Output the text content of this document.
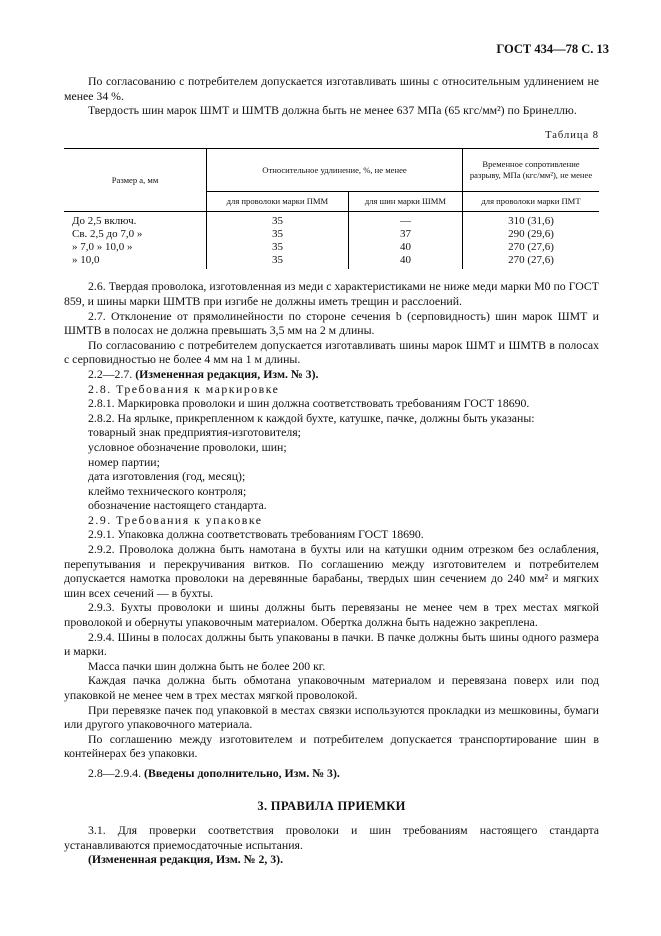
ГОСТ 434—78 С. 13

По согласованию с потребителем допускается изготавливать шины с относительным удлинением не менее 34 %.

Твердость шин марок ШМТ и ШМТВ должна быть не менее 637 МПа (65 кгс/мм²) по Бринеллю.

Таблица 8
Размер a, мм	Относительное удлинение, %, не менее		Временное сопротивление разрыву, МПа (кгс/мм²), не менее
	для проволоки марки ПММ	для шин марки ШММ	для проволоки марки ПМТ
До 2,5 включ.	35	—	310 (31,6)
Св. 2,5 до 7,0 »	35	37	290 (29,6)
» 7,0 » 10,0 »	35	40	270 (27,6)
» 10,0	35	40	270 (27,6)

2.6. Твердая проволока, изготовленная из меди с характеристиками не ниже меди марки М0 по ГОСТ 859, и шины марки ШМТВ при изгибе не должны иметь трещин и расслоений.

2.7. Отклонение от прямолинейности по стороне сечения b (серповидность) шин марок ШМТ и ШМТВ в полосах не должна превышать 3,5 мм на 2 м длины.

По согласованию с потребителем допускается изготавливать шины марок ШМТ и ШМТВ в полосах с серповидностью не более 4 мм на 1 м длины.

2.2—2.7. (Измененная редакция, Изм. № 3).

2.8. Требования к маркировке

2.8.1. Маркировка проволоки и шин должна соответствовать требованиям ГОСТ 18690.

2.8.2. На ярлыке, прикрепленном к каждой бухте, катушке, пачке, должны быть указаны:

товарный знак предприятия-изготовителя;

условное обозначение проволоки, шин;

номер партии;

дата изготовления (год, месяц);

клеймо технического контроля;

обозначение настоящего стандарта.

2.9. Требования к упаковке

2.9.1. Упаковка должна соответствовать требованиям ГОСТ 18690.

2.9.2. Проволока должна быть намотана в бухты или на катушки одним отрезком без ослабления, перепутывания и перекручивания витков. По соглашению между изготовителем и потребителем допускается намотка проволоки на деревянные барабаны, твердых шин сечением до 240 мм² и мягких шин всех сечений — в бухты.

2.9.3. Бухты проволоки и шины должны быть перевязаны не менее чем в трех местах мягкой проволокой и обернуты упаковочным материалом. Обертка должна быть надежно закреплена.

2.9.4. Шины в полосах должны быть упакованы в пачки. В пачке должны быть шины одного размера и марки.

Масса пачки шин должна быть не более 200 кг.

Каждая пачка должна быть обмотана упаковочным материалом и перевязана поверх или под упаковкой не менее чем в трех местах мягкой проволокой.

При перевязке пачек под упаковкой в местах связки используются прокладки из мешковины, бумаги или другого упаковочного материала.

По соглашению между изготовителем и потребителем допускается транспортирование шин в контейнерах без упаковки.

2.8—2.9.4. (Введены дополнительно, Изм. № 3).

3. ПРАВИЛА ПРИЕМКИ

3.1. Для проверки соответствия проволоки и шин требованиям настоящего стандарта устанавливаются приемосдаточные испытания.

(Измененная редакция, Изм. № 2, 3).
